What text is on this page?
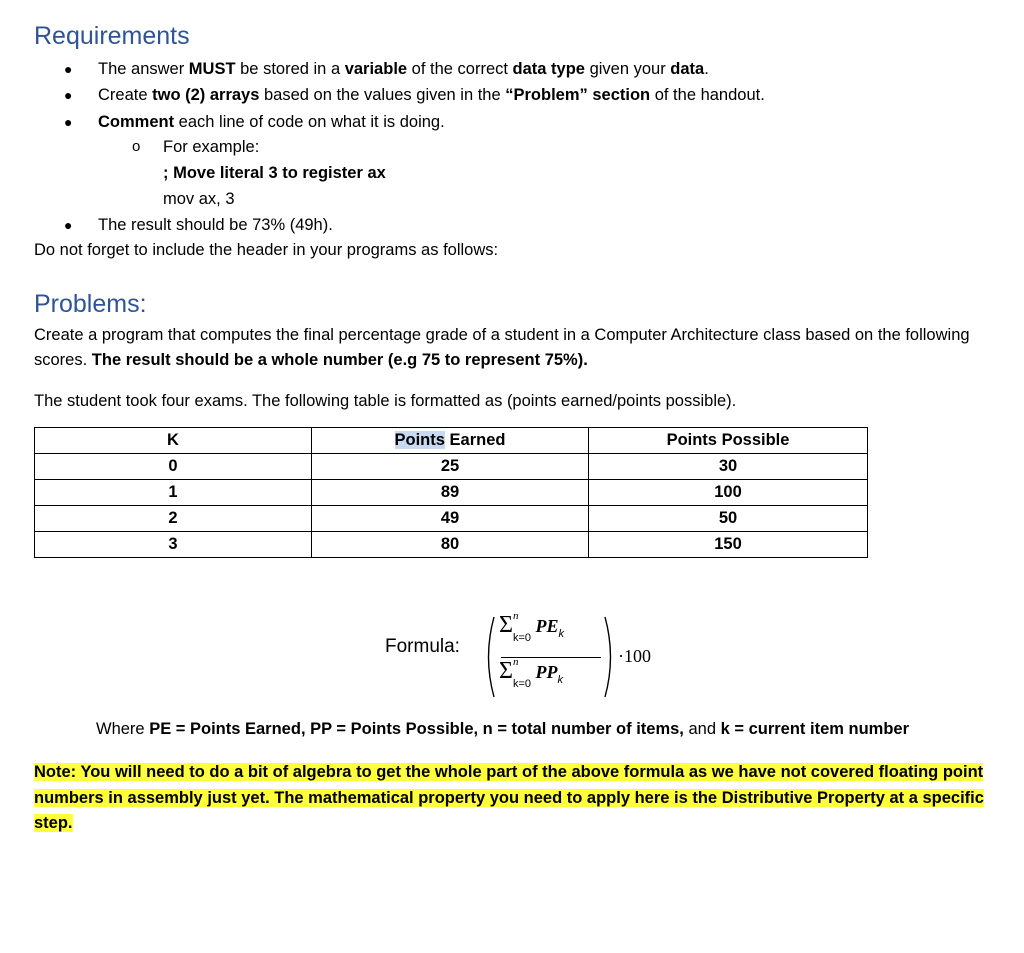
Requirements
● The answer MUST be stored in a variable of the correct data type given your data.
● Create two (2) arrays based on the values given in the “Problem” section of the handout.
● Comment each line of code on what it is doing.
o For example:
; Move literal 3 to register ax
mov ax, 3
● The result should be 73% (49h).
Do not forget to include the header in your programs as follows:
Problems:
Create a program that computes the final percentage grade of a student in a Computer Architecture class based on the following scores. The result should be a whole number (e.g 75 to represent 75%).
The student took four exams. The following table is formatted as (points earned/points possible).
K	Points Earned	Points Possible
0	25	30
1	89	100
2	49	50
3	80	150
Formula:
Σ n
$_{k=0}$ $PE_k$
Σ n
$_{k=0}$ $PP_k$
·100
Where PE = Points Earned, PP = Points Possible, n = total number of items, and k = current item number
Note: You will need to do a bit of algebra to get the whole part of the above formula as we have not covered floating point numbers in assembly just yet. The mathematical property you need to apply here is the Distributive Property at a specific step.
